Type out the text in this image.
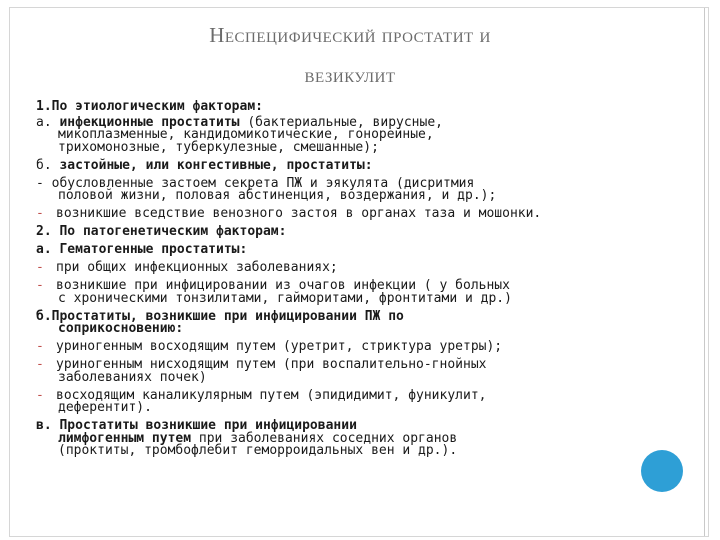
Неспецифический простатит и
везикулит

1.По этиологическим факторам:

а. инфекционные простатиты (бактериальные, вирусные,
микоплазменные, кандидомикотические, гонорейные,
трихомонозные, туберкулезные, смешанные);

б. застойные, или конгестивные, простатиты:

- обусловленные застоем секрета ПЖ и эякулята (дисритмия
половой жизни, половая абстиненция, воздержания, и др.);

- возникшие вседствие венозного застоя в органах таза и мошонки.

2. По патогенетическим факторам:

а. Гематогенные простатиты:

- при общих инфекционных заболеваниях;

- возникшие при инфицировании из очагов инфекции ( у больных
с хроническими тонзилитами, гайморитами, фронтитами и др.)

б.Простатиты, возникшие при инфицировании ПЖ по
соприкосновению:

- уриногенным восходящим путем (уретрит, стриктура уретры);

- уриногенным нисходящим путем (при воспалительно-гнойных
заболеваниях почек)

- восходящим каналикулярным путем (эпидидимит, фуникулит,
деферентит).

в. Простатиты возникшие при инфицировании
лимфогенным путем при заболеваниях соседних органов
(проктиты, тромбофлебит геморроидальных вен и др.).
